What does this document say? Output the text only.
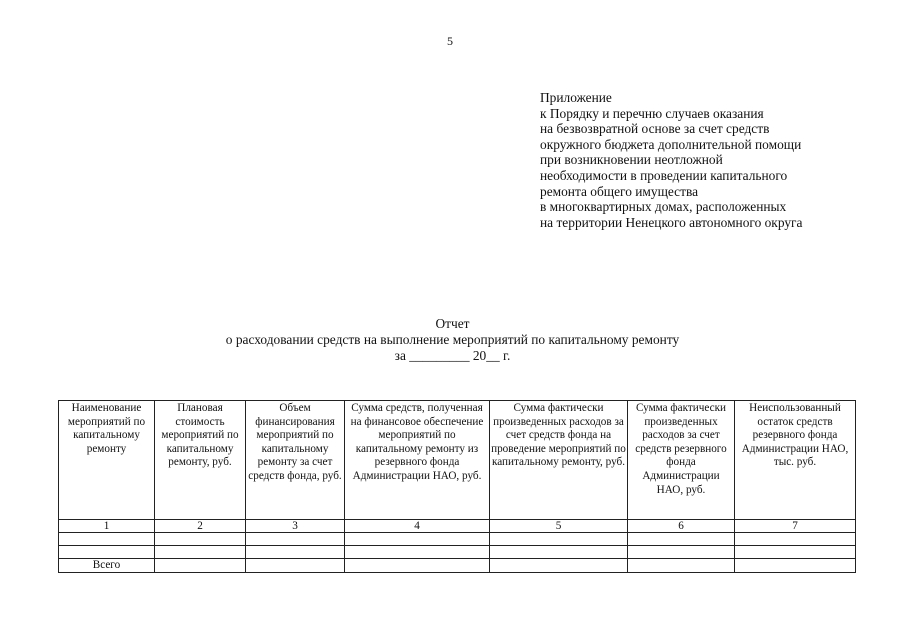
5
Приложение
к Порядку и перечню случаев оказания
на безвозвратной основе за счет средств
окружного бюджета дополнительной помощи
при возникновении неотложной
необходимости в проведении капитального
ремонта общего имущества
в многоквартирных домах, расположенных
на территории Ненецкого автономного округа
Отчет
о расходовании средств на выполнение мероприятий по капитальному ремонту
за _________ 20__ г.
Наименование мероприятий по капитальному ремонту	Плановая стоимость мероприятий по капитальному ремонту, руб.	Объем финансирования мероприятий по капитальному ремонту за счет средств фонда, руб.	Сумма средств, полученная на финансовое обеспечение мероприятий по капитальному ремонту из резервного фонда Администрации НАО, руб.	Сумма фактически произведенных расходов за счет средств фонда на проведение мероприятий по капитальному ремонту, руб.	Сумма фактически произведенных расходов за счет средств резервного фонда Администрации НАО, руб.	Неиспользованный остаток средств резервного фонда Администрации НАО, тыс. руб.
1	2	3	4	5	6	7

Всего						
